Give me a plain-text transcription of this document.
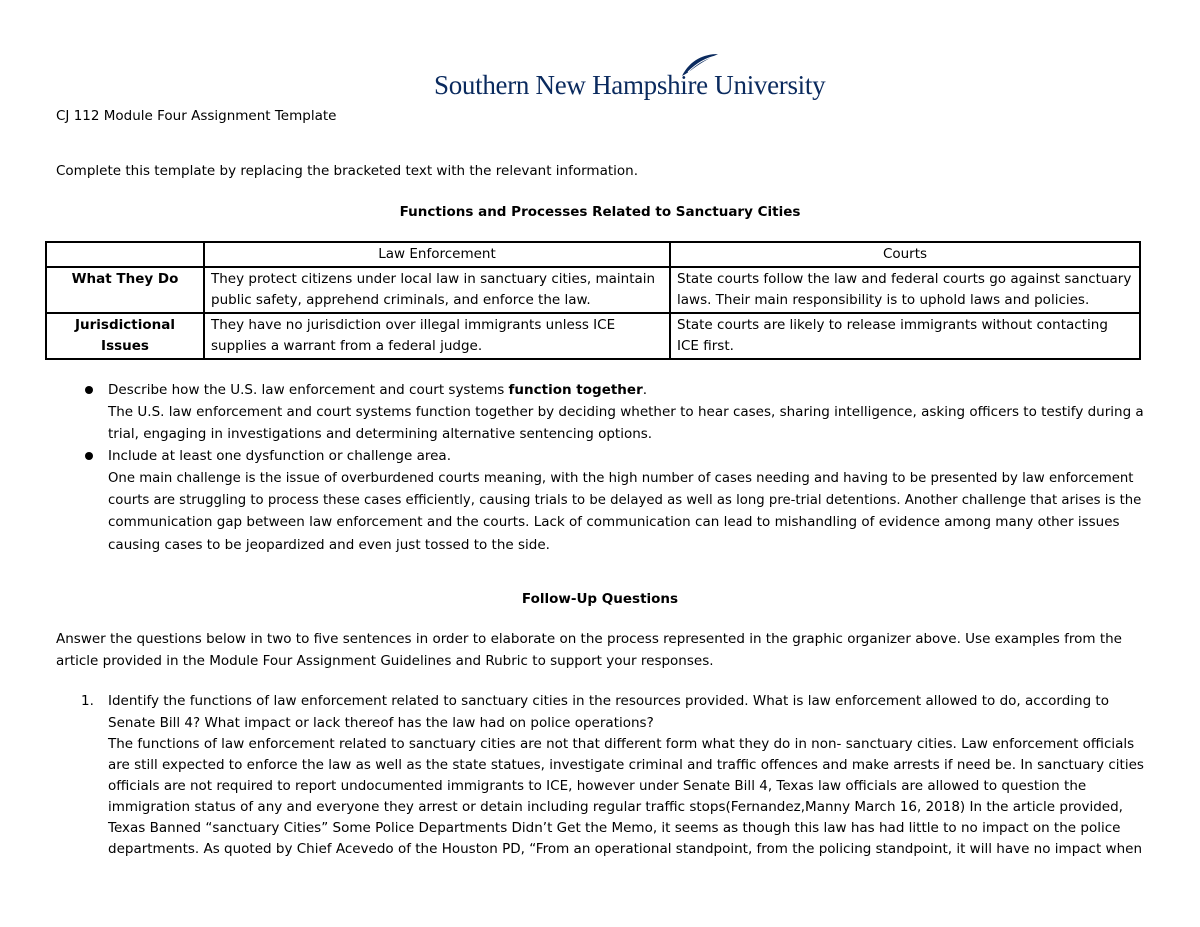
Southern New Hampshire University
CJ 112 Module Four Assignment Template
Complete this template by replacing the bracketed text with the relevant information.
Functions and Processes Related to Sanctuary Cities
	Law Enforcement	Courts
What They Do	They protect citizens under local law in sanctuary cities, maintain public safety, apprehend criminals, and enforce the law.	State courts follow the law and federal courts go against sanctuary laws. Their main responsibility is to uphold laws and policies.
Jurisdictional Issues	They have no jurisdiction over illegal immigrants unless ICE supplies a warrant from a federal judge.	State courts are likely to release immigrants without contacting ICE first.
Describe how the U.S. law enforcement and court systems function together.
The U.S. law enforcement and court systems function together by deciding whether to hear cases, sharing intelligence, asking officers to testify during a
trial, engaging in investigations and determining alternative sentencing options.
Include at least one dysfunction or challenge area.
One main challenge is the issue of overburdened courts meaning, with the high number of cases needing and having to be presented by law enforcement
courts are struggling to process these cases efficiently, causing trials to be delayed as well as long pre-trial detentions. Another challenge that arises is the
communication gap between law enforcement and the courts. Lack of communication can lead to mishandling of evidence among many other issues
causing cases to be jeopardized and even just tossed to the side.
Follow-Up Questions
Answer the questions below in two to five sentences in order to elaborate on the process represented in the graphic organizer above. Use examples from the
article provided in the Module Four Assignment Guidelines and Rubric to support your responses.
1. Identify the functions of law enforcement related to sanctuary cities in the resources provided. What is law enforcement allowed to do, according to
Senate Bill 4? What impact or lack thereof has the law had on police operations?
The functions of law enforcement related to sanctuary cities are not that different form what they do in non- sanctuary cities. Law enforcement officials
are still expected to enforce the law as well as the state statues, investigate criminal and traffic offences and make arrests if need be. In sanctuary cities
officials are not required to report undocumented immigrants to ICE, however under Senate Bill 4, Texas law officials are allowed to question the
immigration status of any and everyone they arrest or detain including regular traffic stops(Fernandez,Manny March 16, 2018) In the article provided,
Texas Banned “sanctuary Cities” Some Police Departments Didn’t Get the Memo, it seems as though this law has had little to no impact on the police
departments. As quoted by Chief Acevedo of the Houston PD, “From an operational standpoint, from the policing standpoint, it will have no impact when
